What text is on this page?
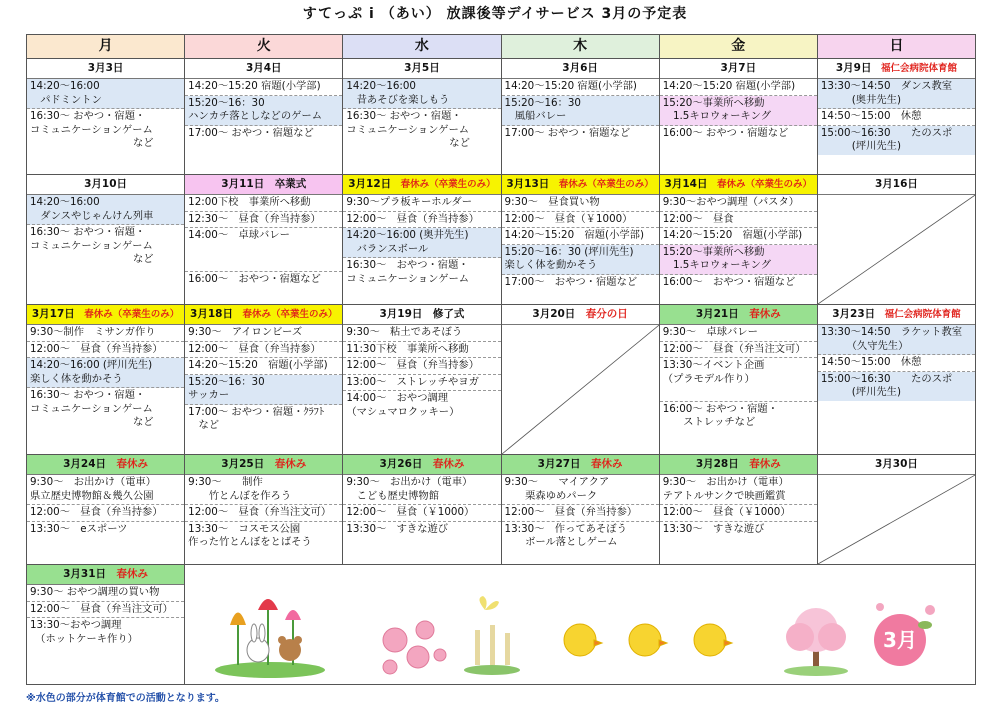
すてっぷ i （あい） 放課後等デイサービス 3月の予定表
月	火	水	木	金	日
3月3日
14:20〜16:00
　パドミントン
16:30〜 おやつ・宿題・
コミュニケーションゲーム
　　　　　　　　　　など
3月4日
14:20〜15:20 宿題(小学部)
15:20〜16：30
ハンカチ落としなどのゲーム
17:00〜 おやつ・宿題など
3月5日
14:20〜16:00
　昔あそびを楽しもう
16:30〜 おやつ・宿題・
コミュニケーションゲーム
　　　　　　　　　　など
3月6日
14:20〜15:20 宿題(小学部)
15:20〜16：30
　風船バレー
17:00〜 おやつ・宿題など
3月7日
14:20〜15:20 宿題(小学部)
15:20〜事業所へ移動
　1.5キロウォーキング
16:00〜 おやつ・宿題など
3月9日　福仁会病院体育館
13:30〜14:50　ダンス教室
　　　(奥井先生)
14:50〜15:00　休憩
15:00〜16:30　　たのスポ
　　　(坪川先生)
3月10日
14:20〜16:00
　ダンスやじゃんけん列車
16:30〜 おやつ・宿題・
コミュニケーションゲーム
　　　　　　　　　　など
3月11日　卒業式
12:00下校　事業所へ移動
12:30〜　昼食（弁当持参）
14:00〜　卓球バレー

16:00〜　おやつ・宿題など
3月12日　春休み（卒業生のみ）
9:30〜プラ板キーホルダー
12:00〜　昼食（弁当持参）
14:20〜16:00 (奥井先生)
　バランスボール
16:30〜　おやつ・宿題・
コミュニケーションゲーム
3月13日　春休み（卒業生のみ）
9:30〜　昼食買い物
12:00〜　昼食（￥1000）
14:20〜15:20　宿題(小学部)
15:20〜16：30 (坪川先生)
楽しく体を動かそう
17:00〜　おやつ・宿題など
3月14日　春休み（卒業生のみ）
9:30〜おやつ調理（パスタ）
12:00〜　昼食
14:20〜15:20　宿題(小学部)
15:20〜事業所へ移動
　1.5キロウォーキング
16:00〜　おやつ・宿題など
3月16日
3月17日　春休み（卒業生のみ）
9:30〜制作　ミサンガ作り
12:00〜　昼食（弁当持参）
14:20〜16:00 (坪川先生)
楽しく体を動かそう
16:30〜 おやつ・宿題・
コミュニケーションゲーム
　　　　　　　　　　など
3月18日　春休み（卒業生のみ）
9:30〜　アイロンビーズ
12:00〜　昼食（弁当持参）
14:20〜15:20　宿題(小学部)
15:20〜16：30
サッカー
17:00〜 おやつ・宿題・ｸﾗﾌﾄ
　など
3月19日　修了式
9:30〜　粘土であそぼう
11:30下校　事業所へ移動
12:00〜　昼食（弁当持参）
13:00〜　ストレッチやヨガ
14:00〜　おやつ調理
（マシュマロクッキー）
3月20日　春分の日	3月21日　春休み
9:30〜　卓球バレー
12:00〜　昼食（弁当注文可）
13:30〜イベント企画
（プラモデル作り）

16:00〜 おやつ・宿題・
　　ストレッチなど
3月23日　福仁会病院体育館
13:30〜14:50　ラケット教室
　　　（久守先生）
14:50〜15:00　休憩
15:00〜16:30　　たのスポ
　　　(坪川先生)
3月24日　春休み
9:30〜　お出かけ（電車）
県立歴史博物館＆幾久公園
12:00〜　昼食（弁当持参）
13:30〜　eスポーツ
3月25日　春休み
9:30〜　　制作
　　竹とんぼを作ろう
12:00〜　昼食（弁当注文可）
13:30〜　コスモス公園
作った竹とんぼをとばそう
3月26日　春休み
9:30〜　お出かけ（電車）
　こども歴史博物館
12:00〜　昼食（￥1000）
13:30〜　すきな遊び
3月27日　春休み
9:30〜　　マイアクア
　　栗森ゆめパーク
12:00〜　昼食（弁当持参）
13:30〜　作ってあそぼう
　　ボール落としゲーム
3月28日　春休み
9:30〜　お出かけ（電車）
テアトルサンクで映画鑑賞
12:00〜　昼食（￥1000）
13:30〜　すきな遊び
3月30日
3月31日　春休み
9:30〜 おやつ調理の買い物

12:00〜　昼食（弁当注文可）
13:30〜おやつ調理
　（ホットケーキ作り）
※水色の部分が体育館での活動となります。
3月
